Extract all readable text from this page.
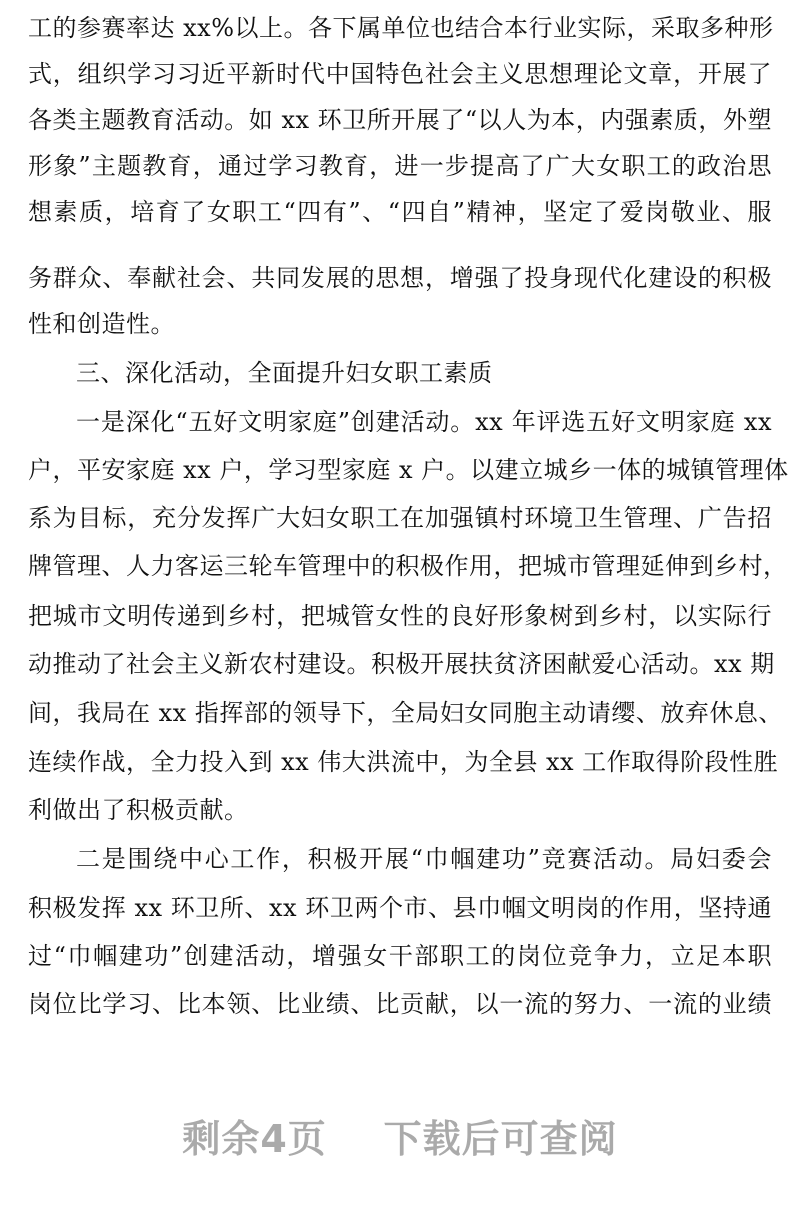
工的参赛率达 xx%以上。各下属单位也结合本行业实际，采取多种形
式，组织学习习近平新时代中国特色社会主义思想理论文章，开展了
各类主题教育活动。如 xx 环卫所开展了“以人为本，内强素质，外塑
形象”主题教育，通过学习教育，进一步提高了广大女职工的政治思
想素质，培育了女职工“四有”、“四自”精神，坚定了爱岗敬业、服
务群众、奉献社会、共同发展的思想，增强了投身现代化建设的积极
性和创造性。
三、深化活动，全面提升妇女职工素质
一是深化“五好文明家庭”创建活动。xx 年评选五好文明家庭 xx
户，平安家庭 xx 户，学习型家庭 x 户。以建立城乡一体的城镇管理体
系为目标，充分发挥广大妇女职工在加强镇村环境卫生管理、广告招
牌管理、人力客运三轮车管理中的积极作用，把城市管理延伸到乡村，
把城市文明传递到乡村，把城管女性的良好形象树到乡村，以实际行
动推动了社会主义新农村建设。积极开展扶贫济困献爱心活动。xx 期
间，我局在 xx 指挥部的领导下，全局妇女同胞主动请缨、放弃休息、
连续作战，全力投入到 xx 伟大洪流中，为全县 xx 工作取得阶段性胜
利做出了积极贡献。
二是围绕中心工作，积极开展“巾帼建功”竞赛活动。局妇委会
积极发挥 xx 环卫所、xx 环卫两个市、县巾帼文明岗的作用，坚持通
过“巾帼建功”创建活动，增强女干部职工的岗位竞争力，立足本职
岗位比学习、比本领、比业绩、比贡献，以一流的努力、一流的业绩
剩余4页    下载后可查阅
